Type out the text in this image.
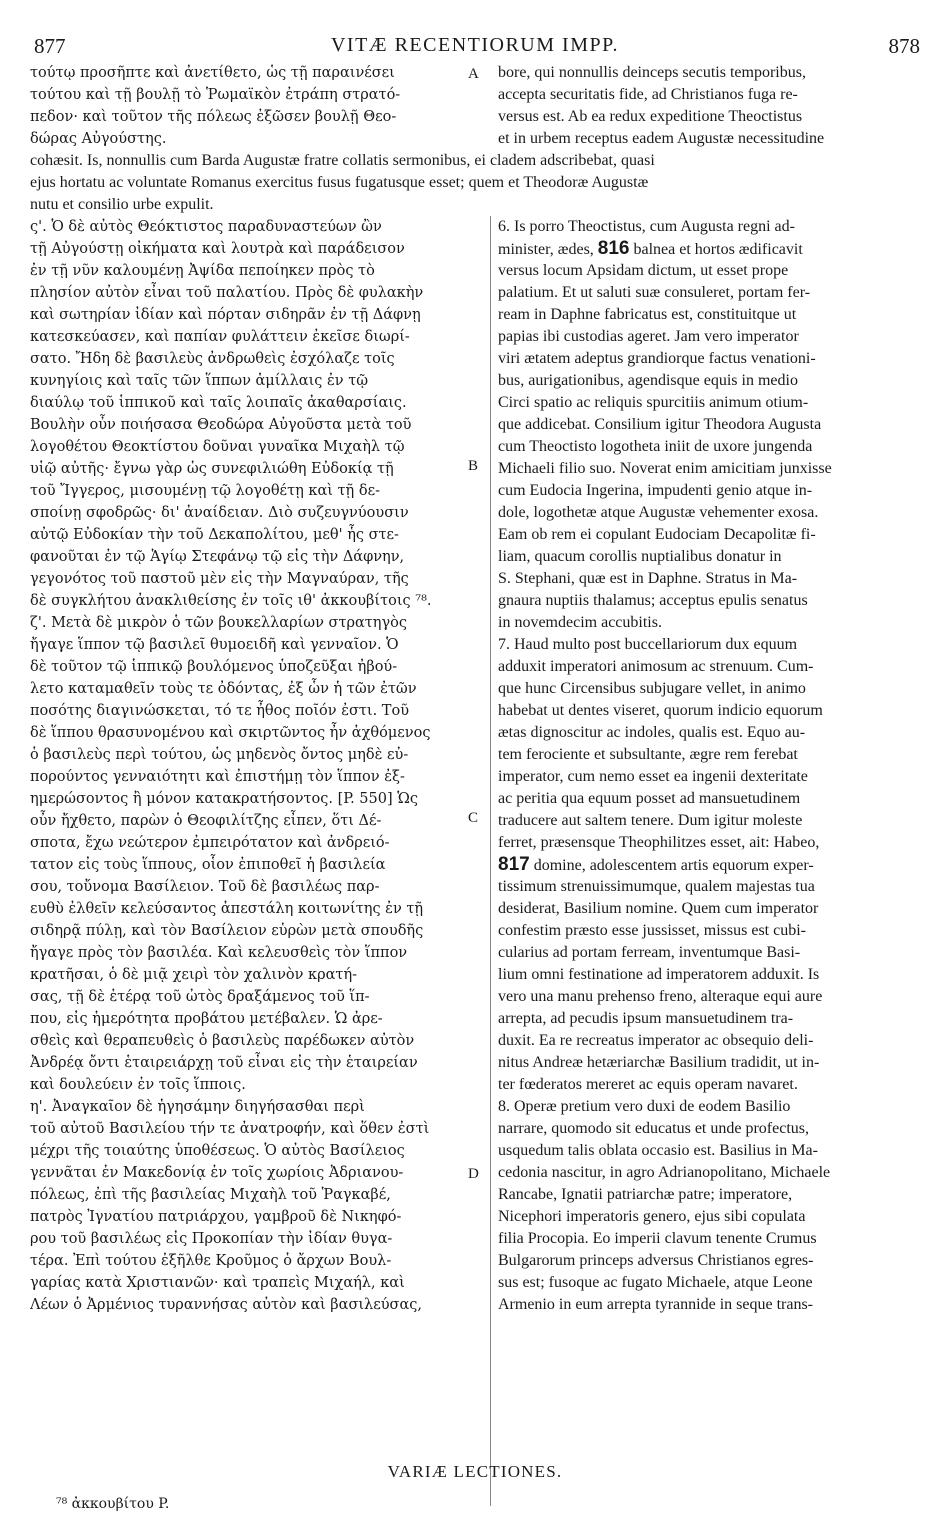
877	VITÆ RECENTIORUM IMPP.	878
τούτῳ προσῆπτε καὶ ἀνετίθετο, ὡς τῇ παραινέσει
τούτου καὶ τῇ βουλῇ τὸ Ῥωμαϊκὸν ἐτράπη στρατό-
πεδον· καὶ τοῦτον τῆς πόλεως ἐξῶσεν βουλῇ Θεο-
δώρας Αὐγούστης.
bore, qui nonnullis deinceps secutis temporibus,
accepta securitatis fide, ad Christianos fuga re-
versus est. Ab ea redux expeditione Theoctistus
et in urbem receptus eadem Augustæ necessitudine
cohæsit. Is, nonnullis cum Barda Augustæ fratre collatis sermonibus, ei cladem adscribebat, quasi
ejus hortatu ac voluntate Romanus exercitus fusus fugatusque esset; quem et Theodoræ Augustæ
nutu et consilio urbe expulit.
ς'. Ὁ δὲ αὐτὸς Θεόκτιστος παραδυναστεύων ὢν
τῇ Αὐγούστῃ οἰκήματα καὶ λουτρὰ καὶ παράδεισον
ἐν τῇ νῦν καλουμένῃ Ἀψίδα πεποίηκεν πρὸς τὸ
πλησίον αὐτὸν εἶναι τοῦ παλατίου. Πρὸς δὲ φυλακὴν
καὶ σωτηρίαν ἰδίαν καὶ πόρταν σιδηρᾶν ἐν τῇ Δάφνῃ
κατεσκεύασεν, καὶ παπίαν φυλάττειν ἐκεῖσε διωρί-
σατο. Ἤδη δὲ βασιλεὺς ἀνδρωθεὶς ἐσχόλαζε τοῖς
κυνηγίοις καὶ ταῖς τῶν ἵππων ἁμίλλαις ἐν τῷ
διαύλῳ τοῦ ἱππικοῦ καὶ ταῖς λοιπαῖς ἀκαθαρσίαις.
Βουλὴν οὖν ποιήσασα Θεοδώρα Αὐγοῦστα μετὰ τοῦ
λογοθέτου Θεοκτίστου δοῦναι γυναῖκα Μιχαὴλ τῷ
υἱῷ αὐτῆς· ἔγνω γὰρ ὡς συνεφιλιώθη Εὐδοκίᾳ τῇ
τοῦ Ἴγγερος, μισουμένῃ τῷ λογοθέτῃ καὶ τῇ δε-
σποίνῃ σφοδρῶς· δι' ἀναίδειαν. Διὸ συζευγνύουσιν
αὐτῷ Εὐδοκίαν τὴν τοῦ Δεκαπολίτου, μεθ' ἧς στε-
φανοῦται ἐν τῷ Ἁγίῳ Στεφάνῳ τῷ εἰς τὴν Δάφνην,
γεγονότος τοῦ παστοῦ μὲν εἰς τὴν Μαγναύραν, τῆς
δὲ συγκλήτου ἀνακλιθείσης ἐν τοῖς ιθ' ἀκκουβίτοις ⁷⁸.
ζ'. Μετὰ δὲ μικρὸν ὁ τῶν βουκελλαρίων στρατηγὸς
ἤγαγε ἵππον τῷ βασιλεῖ θυμοειδῆ καὶ γενναῖον. Ὁ
δὲ τοῦτον τῷ ἱππικῷ βουλόμενος ὑποζεῦξαι ἠβού-
λετο καταμαθεῖν τοὺς τε ὀδόντας, ἐξ ὧν ἡ τῶν ἐτῶν
ποσότης διαγινώσκεται, τό τε ἦθος ποῖόν ἐστι. Τοῦ
δὲ ἵππου θρασυνομένου καὶ σκιρτῶντος ἦν ἀχθόμενος
ὁ βασιλεὺς περὶ τούτου, ὡς μηδενὸς ὄντος μηδὲ εὐ-
πορούντος γενναιότητι καὶ ἐπιστήμῃ τὸν ἵππον ἐξ-
ημερώσοντος ἢ μόνον κατακρατήσοντος. [P. 550] Ὡς
οὖν ἤχθετο, παρὼν ὁ Θεοφιλίτζης εἶπεν, ὅτι Δέ-
σποτα, ἔχω νεώτερον ἐμπειρότατον καὶ ἀνδρειό-
τατον εἰς τοὺς ἵππους, οἷον ἐπιποθεῖ ἡ βασιλεία
σου, τοὔνομα Βασίλειον. Τοῦ δὲ βασιλέως παρ-
ευθὺ ἐλθεῖν κελεύσαντος ἀπεστάλη κοιτωνίτης ἐν τῇ
σιδηρᾷ πύλῃ, καὶ τὸν Βασίλειον εὑρὼν μετὰ σπουδῆς
ἤγαγε πρὸς τὸν βασιλέα. Καὶ κελευσθεὶς τὸν ἵππον
κρατῆσαι, ὁ δὲ μιᾷ χειρὶ τὸν χαλινὸν κρατή-
σας, τῇ δὲ ἑτέρᾳ τοῦ ὠτὸς δραξάμενος τοῦ ἵπ-
που, εἰς ἡμερότητα προβάτου μετέβαλεν. Ὡ ἀρε-
σθεὶς καὶ θεραπευθεὶς ὁ βασιλεὺς παρέδωκεν αὐτὸν
Ἀνδρέᾳ ὄντι ἑταιρειάρχῃ τοῦ εἶναι εἰς τὴν ἑταιρείαν
καὶ δουλεύειν ἐν τοῖς ἵπποις.
η'. Ἀναγκαῖον δὲ ἡγησάμην διηγήσασθαι περὶ
τοῦ αὐτοῦ Βασιλείου τήν τε ἀνατροφήν, καὶ ὅθεν ἐστὶ
μέχρι τῆς τοιαύτης ὑποθέσεως. Ὁ αὐτὸς Βασίλειος
γεννᾶται ἐν Μακεδονίᾳ ἐν τοῖς χωρίοις Ἀδριανου-
πόλεως, ἐπὶ τῆς βασιλείας Μιχαὴλ τοῦ Ῥαγκαβέ,
πατρὸς Ἰγνατίου πατριάρχου, γαμβροῦ δὲ Νικηφό-
ρου τοῦ βασιλέως εἰς Προκοπίαν τὴν ἰδίαν θυγα-
τέρα. Ἐπὶ τούτου ἐξῆλθε Κροῦμος ὁ ἄρχων Βουλ-
γαρίας κατὰ Χριστιανῶν· καὶ τραπεὶς Μιχαήλ, καὶ
Λέων ὁ Ἀρμένιος τυραννήσας αὐτὸν καὶ βασιλεύσας,
6. Is porro Theoctistus, cum Augusta regni ad-
minister, ædes, 816 balnea et hortos ædificavit
versus locum Apsidam dictum, ut esset prope
palatium. Et ut saluti suæ consuleret, portam fer-
ream in Daphne fabricatus est, constituitque ut
papias ibi custodias ageret. Jam vero imperator
viri ætatem adeptus grandiorque factus venationi-
bus, aurigationibus, agendisque equis in medio
Circi spatio ac reliquis spurcitiis animum otium-
que addicebat. Consilium igitur Theodora Augusta
cum Theoctisto logotheta iniit de uxore jungenda
Michaeli filio suo. Noverat enim amicitiam junxisse
cum Eudocia Ingerina, impudenti genio atque in-
dole, logothetæ atque Augustæ vehementer exosa.
Eam ob rem ei copulant Eudociam Decapolitæ fi-
liam, quacum corollis nuptialibus donatur in
S. Stephani, quæ est in Daphne. Stratus in Ma-
gnaura nuptiis thalamus; acceptus epulis senatus
in novemdecim accubitis.
7. Haud multo post buccellariorum dux equum
adduxit imperatori animosum ac strenuum. Cum-
que hunc Circensibus subjugare vellet, in animo
habebat ut dentes viseret, quorum indicio equorum
ætas dignoscitur ac indoles, qualis est. Equo au-
tem ferociente et subsultante, ægre rem ferebat
imperator, cum nemo esset ea ingenii dexteritate
ac peritia qua equum posset ad mansuetudinem
traducere aut saltem tenere. Dum igitur moleste
ferret, præsensque Theophilitzes esset, ait: Habeo,
817 domine, adolescentem artis equorum exper-
tissimum strenuissimumque, qualem majestas tua
desiderat, Basilium nomine. Quem cum imperator
confestim præsto esse jussisset, missus est cubi-
cularius ad portam ferream, inventumque Basi-
lium omni festinatione ad imperatorem adduxit. Is
vero una manu prehenso freno, alteraque equi aure
arrepta, ad pecudis ipsum mansuetudinem tra-
duxit. Ea re recreatus imperator ac obsequio deli-
nitus Andreæ hetæriarchæ Basilium tradidit, ut in-
ter fœderatos mereret ac equis operam navaret.
8. Operæ pretium vero duxi de eodem Basilio
narrare, quomodo sit educatus et unde profectus,
usquedum talis oblata occasio est. Basilius in Ma-
cedonia nascitur, in agro Adrianopolitano, Michaele
Rancabe, Ignatii patriarchæ patre; imperatore,
Nicephori imperatoris genero, ejus sibi copulata
filia Procopia. Eo imperii clavum tenente Crumus
Bulgarorum princeps adversus Christianos egres-
sus est; fusoque ac fugato Michaele, atque Leone
Armenio in eum arrepta tyrannide in seque trans-
A
B
C
D
VARIÆ LECTIONES.
⁷⁸ ἀκκουβίτου P.
